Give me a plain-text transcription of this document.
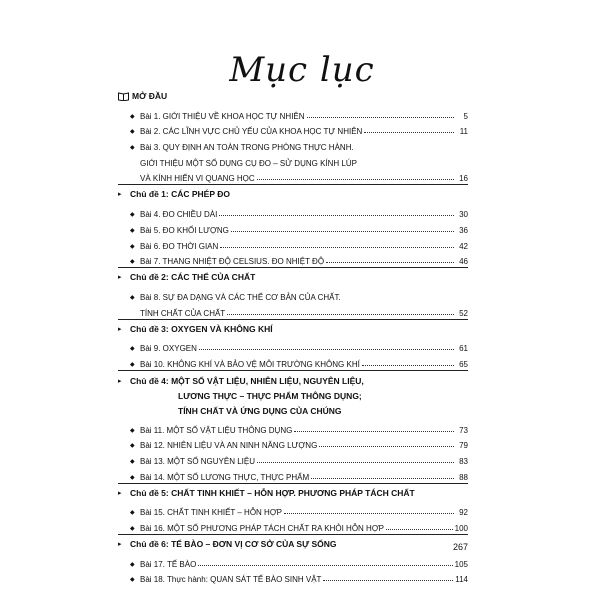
Mục lục
MỞ ĐẦU
◆ Bài 1. GIỚI THIỆU VỀ KHOA HỌC TỰ NHIÊN	5
◆ Bài 2. CÁC LĨNH VỰC CHỦ YẾU CỦA KHOA HỌC TỰ NHIÊN	11
◆ Bài 3. QUY ĐỊNH AN TOÀN TRONG PHÒNG THỰC HÀNH.
GIỚI THIỆU MỘT SỐ DỤNG CỤ ĐO – SỬ DỤNG KÍNH LÚP
VÀ KÍNH HIỂN VI QUANG HỌC	16
▸ Chủ đề 1: CÁC PHÉP ĐO
◆ Bài 4. ĐO CHIỀU DÀI	30
◆ Bài 5. ĐO KHỐI LƯỢNG	36
◆ Bài 6. ĐO THỜI GIAN	42
◆ Bài 7. THANG NHIỆT ĐỘ CELSIUS. ĐO NHIỆT ĐỘ	46
▸ Chủ đề 2: CÁC THỂ CỦA CHẤT
◆ Bài 8. SỰ ĐA DẠNG VÀ CÁC THỂ CƠ BẢN CỦA CHẤT.
TÍNH CHẤT CỦA CHẤT	52
▸ Chủ đề 3: OXYGEN VÀ KHÔNG KHÍ
◆ Bài 9. OXYGEN	61
◆ Bài 10. KHÔNG KHÍ VÀ BẢO VỆ MÔI TRƯỜNG KHÔNG KHÍ	65
▸ Chủ đề 4: MỘT SỐ VẬT LIỆU, NHIÊN LIỆU, NGUYÊN LIỆU,
LƯƠNG THỰC – THỰC PHẨM THÔNG DỤNG;
TÍNH CHẤT VÀ ỨNG DỤNG CỦA CHÚNG
◆ Bài 11. MỘT SỐ VẬT LIỆU THÔNG DỤNG	73
◆ Bài 12. NHIÊN LIỆU VÀ AN NINH NĂNG LƯỢNG	79
◆ Bài 13. MỘT SỐ NGUYÊN LIỆU	83
◆ Bài 14. MỘT SỐ LƯƠNG THỰC, THỰC PHẨM	88
▸ Chủ đề 5: CHẤT TINH KHIẾT – HỖN HỢP. PHƯƠNG PHÁP TÁCH CHẤT
◆ Bài 15. CHẤT TINH KHIẾT – HỖN HỢP	92
◆ Bài 16. MỘT SỐ PHƯƠNG PHÁP TÁCH CHẤT RA KHỎI HỖN HỢP	100
▸ Chủ đề 6: TẾ BÀO – ĐƠN VỊ CƠ SỞ CỦA SỰ SỐNG
◆ Bài 17. TẾ BÀO	105
◆ Bài 18. Thực hành: QUAN SÁT TẾ BÀO SINH VẬT	114
267
